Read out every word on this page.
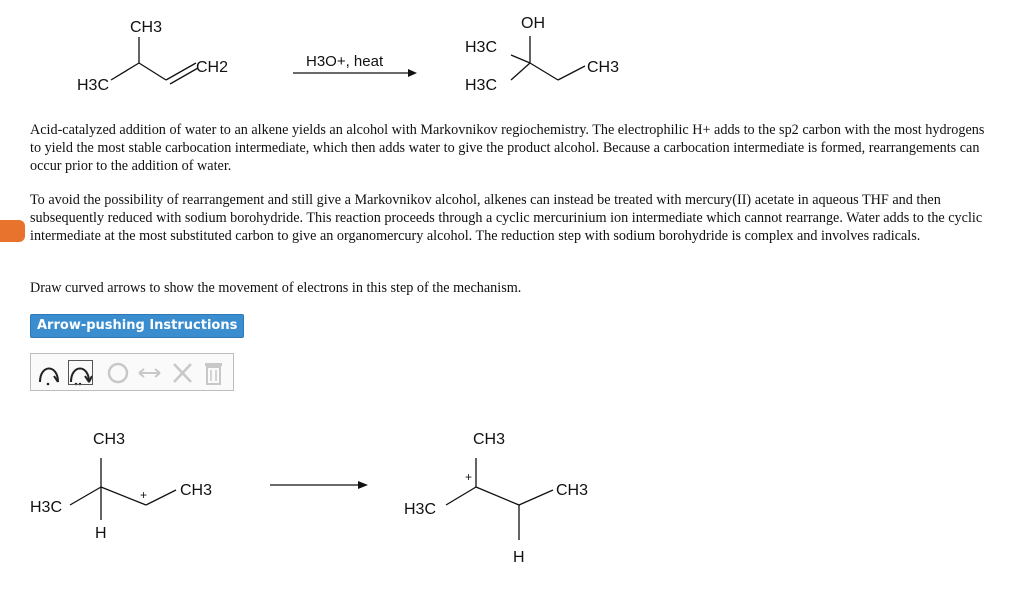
CH3
CH2
H3C
H3O+, heat
OH
H3C
H3C
CH3
CH3
CH3
H3C
H
+
CH3
CH3
H3C
H
+
Acid-catalyzed addition of water to an alkene yields an alcohol with Markovnikov regiochemistry. The electrophilic H+ adds to the sp2 carbon with the most hydrogens to yield the most stable carbocation intermediate, which then adds water to give the product alcohol. Because a carbocation intermediate is formed, rearrangements can occur prior to the addition of water.
To avoid the possibility of rearrangement and still give a Markovnikov alcohol, alkenes can instead be treated with mercury(II) acetate in aqueous THF and then subsequently reduced with sodium borohydride. This reaction proceeds through a cyclic mercurinium ion intermediate which cannot rearrange. Water adds to the cyclic intermediate at the most substituted carbon to give an organomercury alcohol. The reduction step with sodium borohydride is complex and involves radicals.
Draw curved arrows to show the movement of electrons in this step of the mechanism.
Arrow-pushing Instructions
